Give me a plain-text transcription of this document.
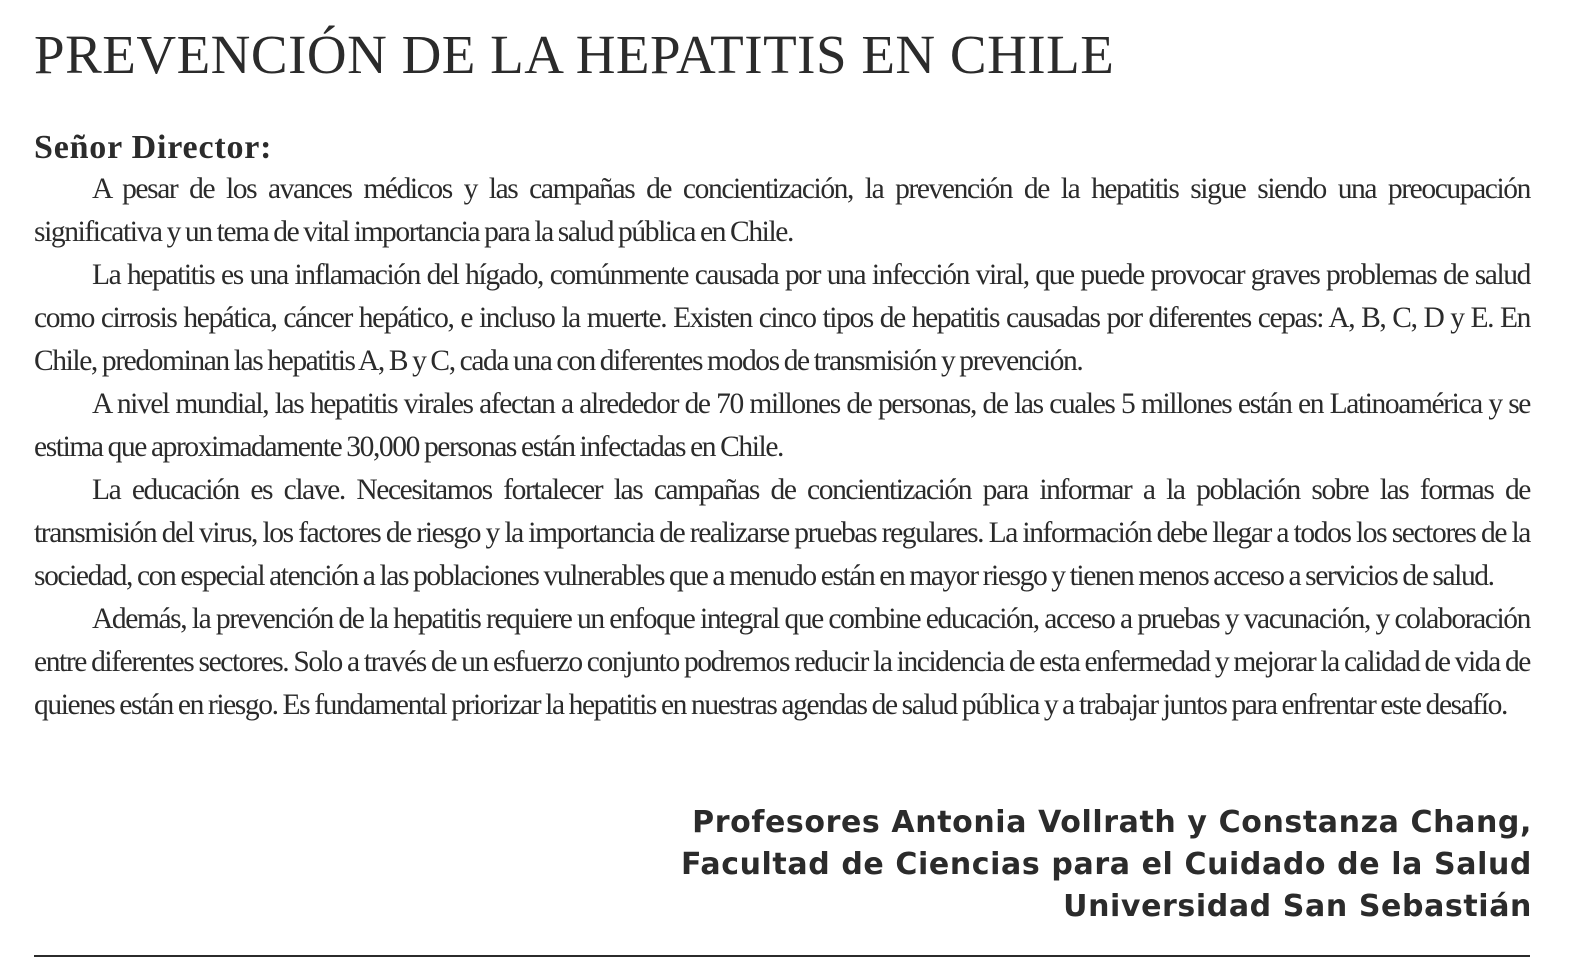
PREVENCIÓN DE LA HEPATITIS EN CHILE
Señor Director:

A pesar de los avances médicos y las campañas de concientización, la prevención de la hepatitis sigue siendo una preocupación significativa y un tema de vital importancia para la salud pública en Chile.

La hepatitis es una inflamación del hígado, comúnmente causada por una infección viral, que puede provocar graves problemas de salud como cirrosis hepática, cáncer hepático, e incluso la muerte. Existen cinco tipos de hepatitis causadas por diferentes cepas: A, B, C, D y E. En Chile, predominan las hepatitis A, B y C, cada una con diferentes modos de transmisión y prevención.

A nivel mundial, las hepatitis virales afectan a alrededor de 70 millones de personas, de las cuales 5 millones están en Latinoamérica y se estima que aproximadamente 30,000 personas están infectadas en Chile.

La educación es clave. Necesitamos fortalecer las campañas de concientización para informar a la población sobre las formas de transmisión del virus, los factores de riesgo y la importancia de realizarse pruebas regulares. La información debe llegar a todos los sectores de la sociedad, con especial atención a las poblaciones vulnerables que a menudo están en mayor riesgo y tienen menos acceso a servicios de salud.

Además, la prevención de la hepatitis requiere un enfoque integral que combine educación, acceso a pruebas y vacunación, y colaboración entre diferentes sectores. Solo a través de un esfuerzo conjunto podremos reducir la incidencia de esta enfermedad y mejorar la calidad de vida de quienes están en riesgo. Es fundamental priorizar la hepatitis en nuestras agendas de salud pública y a trabajar juntos para enfrentar este desafío.

Profesores Antonia Vollrath y Constanza Chang,
Facultad de Ciencias para el Cuidado de la Salud
Universidad San Sebastián
